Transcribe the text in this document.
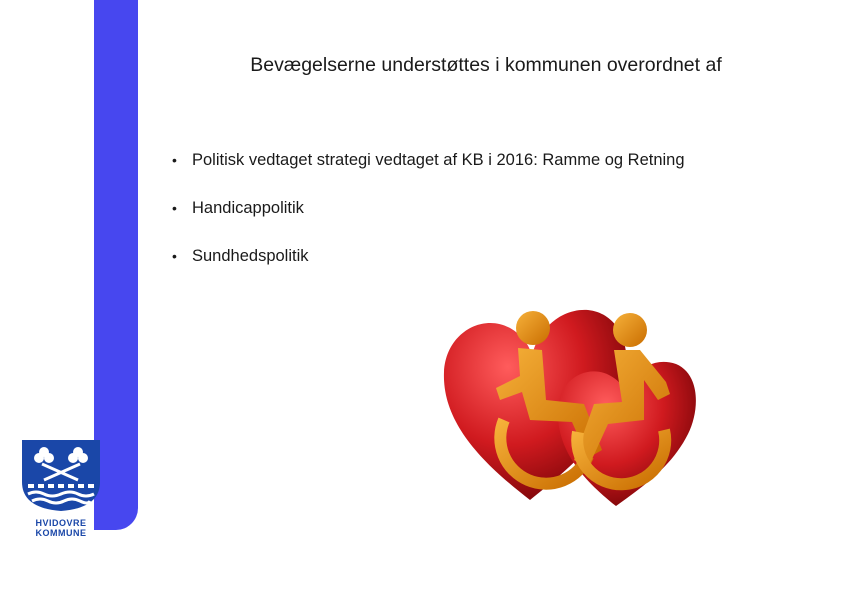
Bevægelserne understøttes i kommunen overordnet af
• Politisk vedtaget strategi vedtaget af KB i 2016: Ramme og Retning
• Handicappolitik
• Sundhedspolitik
HVIDOVRE
KOMMUNE
